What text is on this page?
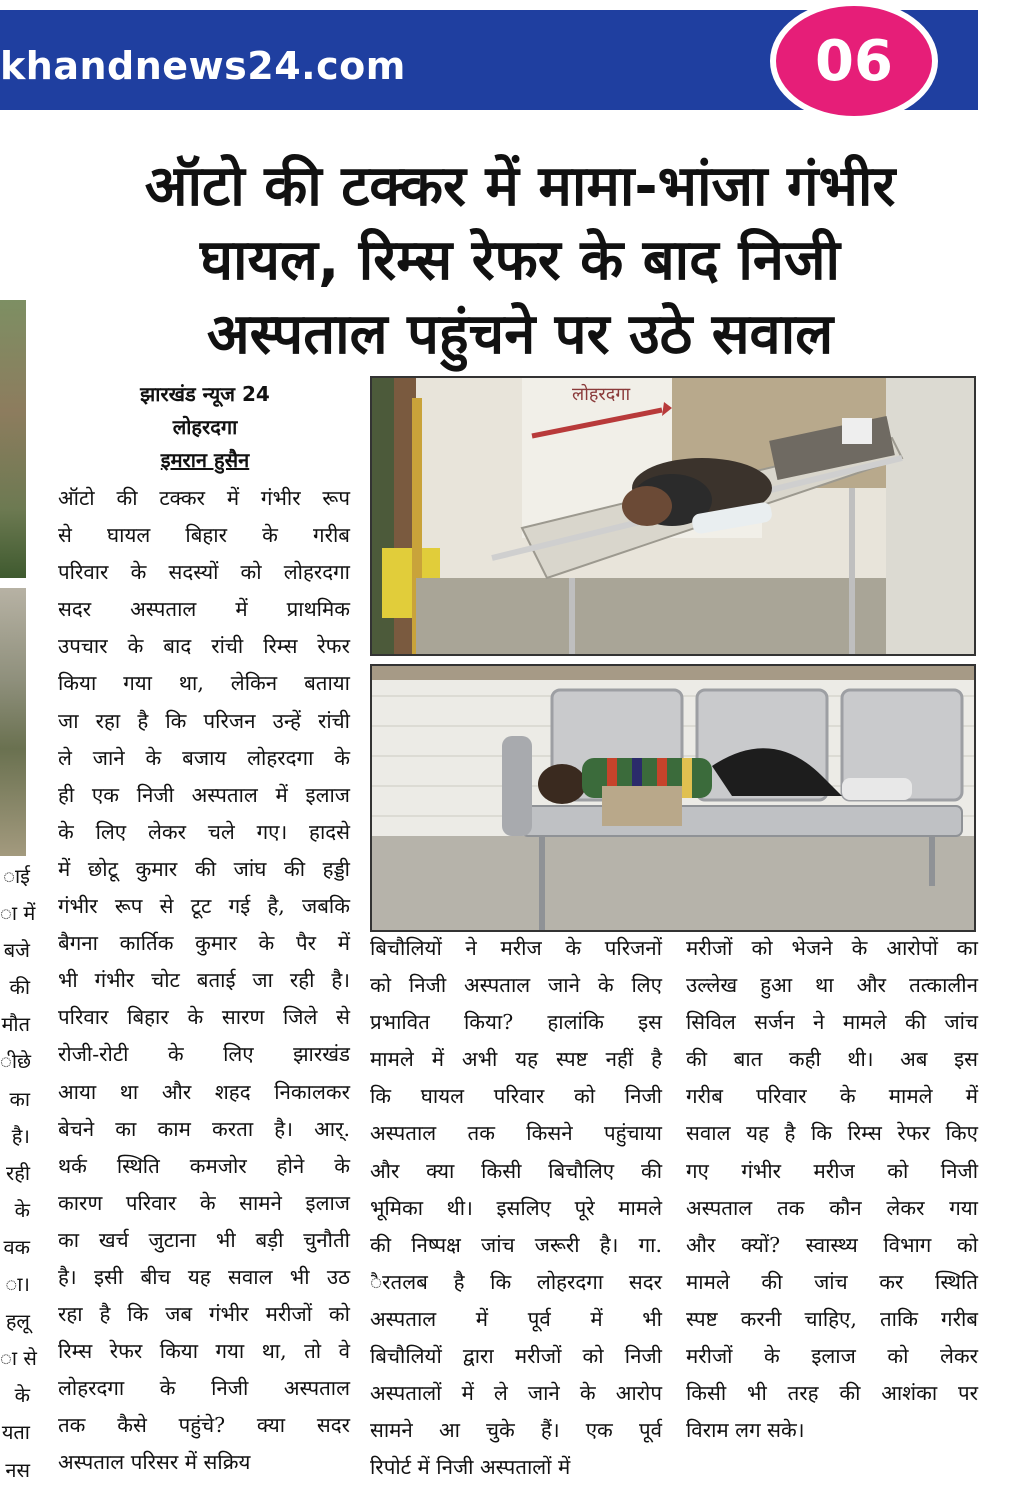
khandnews24.com	06
ऑटो की टक्कर में मामा-भांजा गंभीर
घायल, रिम्स रेफर के बाद निजी
अस्पताल पहुंचने पर उठे सवाल
ाई
ा में
बजे
की
मौत
ीछे
का
है।
रही
के
वक
ा।
हलू
ा से
के
यता
नस
झारखंड न्यूज 24
लोहरदगा
इमरान हुसैन
ऑटो की टक्कर में गंभीर रूप
से घायल बिहार के गरीब
परिवार के सदस्यों को लोहरदगा
सदर अस्पताल में प्राथमिक
उपचार के बाद रांची रिम्स रेफर
किया गया था, लेकिन बताया
जा रहा है कि परिजन उन्हें रांची
ले जाने के बजाय लोहरदगा के
ही एक निजी अस्पताल में इलाज
के लिए लेकर चले गए। हादसे
में छोटू कुमार की जांघ की हड्डी
गंभीर रूप से टूट गई है, जबकि
बैगना कार्तिक कुमार के पैर में
भी गंभीर चोट बताई जा रही है।
परिवार बिहार के सारण जिले से
रोजी-रोटी के लिए झारखंड
आया था और शहद निकालकर
बेचने का काम करता है। आर्.
थर्क स्थिति कमजोर होने के
कारण परिवार के सामने इलाज
का खर्च जुटाना भी बड़ी चुनौती
है। इसी बीच यह सवाल भी उठ
रहा है कि जब गंभीर मरीजों को
रिम्स रेफर किया गया था, तो वे
लोहरदगा के निजी अस्पताल
तक कैसे पहुंचे? क्या सदर
अस्पताल परिसर में सक्रिय
बिचौलियों ने मरीज के परिजनों
को निजी अस्पताल जाने के लिए
प्रभावित किया? हालांकि इस
मामले में अभी यह स्पष्ट नहीं है
कि घायल परिवार को निजी
अस्पताल तक किसने पहुंचाया
और क्या किसी बिचौलिए की
भूमिका थी। इसलिए पूरे मामले
की निष्पक्ष जांच जरूरी है। गा.
ैरतलब है कि लोहरदगा सदर
अस्पताल में पूर्व में भी
बिचौलियों द्वारा मरीजों को निजी
अस्पतालों में ले जाने के आरोप
सामने आ चुके हैं। एक पूर्व
रिपोर्ट में निजी अस्पतालों में
मरीजों को भेजने के आरोपों का
उल्लेख हुआ था और तत्कालीन
सिविल सर्जन ने मामले की जांच
की बात कही थी। अब इस
गरीब परिवार के मामले में
सवाल यह है कि रिम्स रेफर किए
गए गंभीर मरीज को निजी
अस्पताल तक कौन लेकर गया
और क्यों? स्वास्थ्य विभाग को
मामले की जांच कर स्थिति
स्पष्ट करनी चाहिए, ताकि गरीब
मरीजों के इलाज को लेकर
किसी भी तरह की आशंका पर
विराम लग सके।
लोहरदगा
